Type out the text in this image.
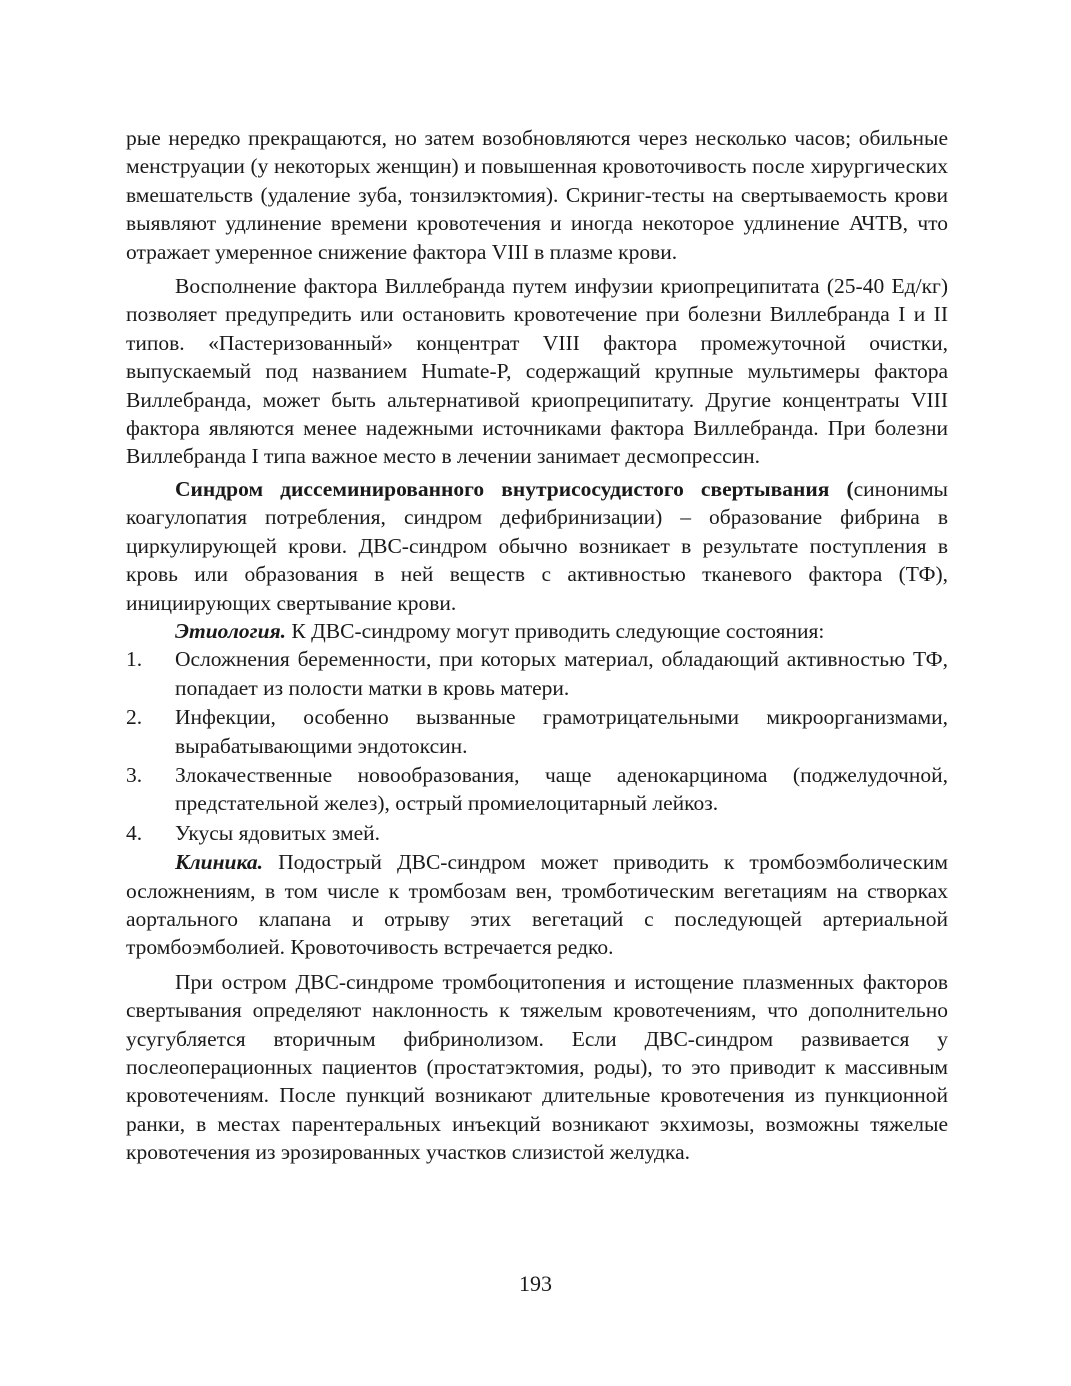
рые нередко прекращаются, но затем возобновляются через несколько часов; обильные менструации (у некоторых женщин) и повышенная кровоточивость после хирургических вмешательств (удаление зуба, тонзилэктомия). Скриниг-тесты на свертываемость крови выявляют удлинение времени кровотечения и иногда некоторое удлинение АЧТВ, что отражает умеренное снижение фактора VIII в плазме крови.

Восполнение фактора Виллебранда путем инфузии криопреципитата (25-40 Ед/кг) позволяет предупредить или остановить кровотечение при болезни Виллебранда I и II типов. «Пастеризованный» концентрат VIII фактора промежуточной очистки, выпускаемый под названием Humate-P, содержащий крупные мультимеры фактора Виллебранда, может быть альтернативой криопреципитату. Другие концентраты VIII фактора являются менее надежными источниками фактора Виллебранда. При болезни Виллебранда I типа важное место в лечении занимает десмопрессин.

Синдром диссеминированного внутрисосудистого свертывания (синонимы коагулопатия потребления, синдром дефибринизации) – образование фибрина в циркулирующей крови. ДВС-синдром обычно возникает в результате поступления в кровь или образования в ней веществ с активностью тканевого фактора (ТФ), инициирующих свертывание крови.

Этиология. К ДВС-синдрому могут приводить следующие состояния:

1. Осложнения беременности, при которых материал, обладающий активностью ТФ, попадает из полости матки в кровь матери.
2. Инфекции, особенно вызванные грамотрицательными микроорганизмами, вырабатывающими эндотоксин.
3. Злокачественные новообразования, чаще аденокарцинома (поджелудочной, предстательной желез), острый промиелоцитарный лейкоз.
4. Укусы ядовитых змей.

Клиника. Подострый ДВС-синдром может приводить к тромбоэмболическим осложнениям, в том числе к тромбозам вен, тромботическим вегетациям на створках аортального клапана и отрыву этих вегетаций с последующей артериальной тромбоэмболией. Кровоточивость встречается редко.

При остром ДВС-синдроме тромбоцитопения и истощение плазменных факторов свертывания определяют наклонность к тяжелым кровотечениям, что дополнительно усугубляется вторичным фибринолизом. Если ДВС-синдром развивается у послеоперационных пациентов (простатэктомия, роды), то это приводит к массивным кровотечениям. После пункций возникают длительные кровотечения из пункционной ранки, в местах парентеральных инъекций возникают экхимозы, возможны тяжелые кровотечения из эрозированных участков слизистой желудка.

193
